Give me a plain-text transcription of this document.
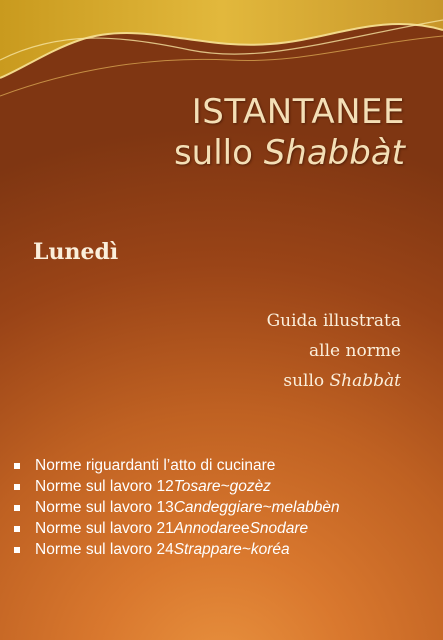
ISTANTANEE
sullo Shabbàt
Lunedì
Guida illustrata
alle norme
sullo Shabbàt
Norme riguardanti l’atto di cucinare
Norme sul lavoro 12 Tosare~gozèz
Norme sul lavoro 13 Candeggiare~melabbèn
Norme sul lavoro 21 Annodare e Snodare
Norme sul lavoro 24 Strappare~koréa
